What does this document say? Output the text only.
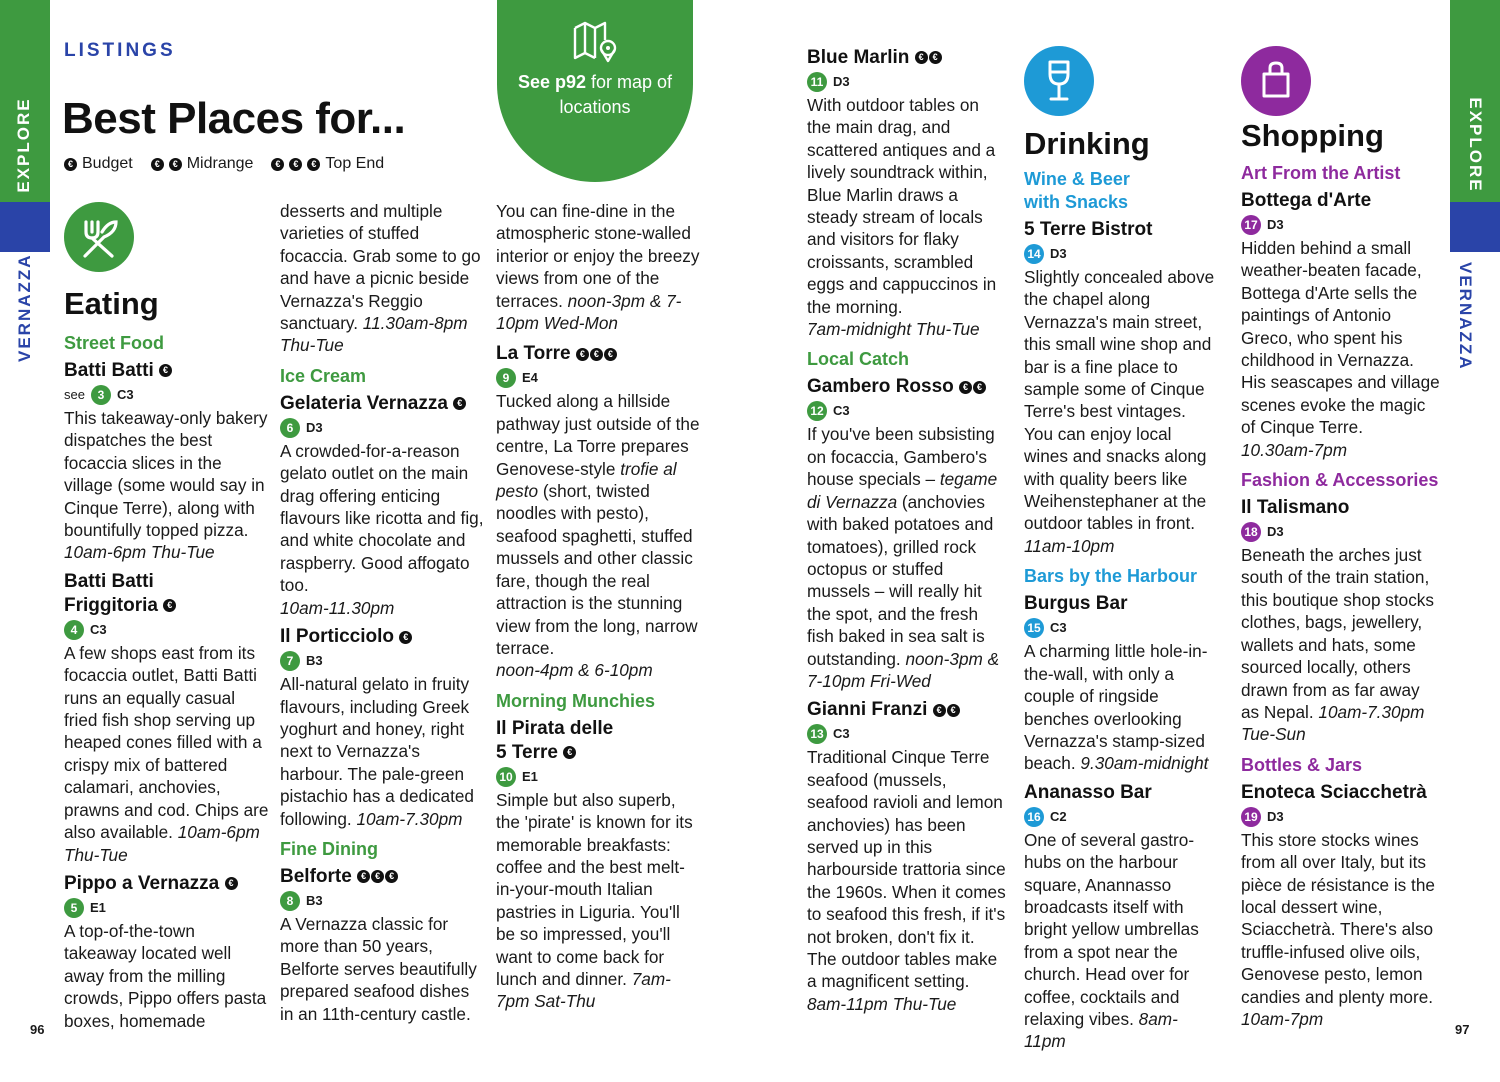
EXPLORE
VERNAZZA
EXPLORE
VERNAZZA
LISTINGS
Best Places for...
€ Budget	€	€ Midrange	€	€	€ Top End
See p92 for map of locations
Eating
Street Food
Batti Batti €
see	3 C3

This takeaway-only bakery dispatches the best focaccia slices in the village (some would say in Cinque Terre), along with bountifully topped pizza.

10am-6pm Thu-Tue

Batti Batti
Friggitoria €
4 C3

A few shops east from its focaccia outlet, Batti Batti runs an equally casual fried fish shop serving up heaped cones filled with a crispy mix of battered calamari, anchovies, prawns and cod. Chips are also available. 10am-6pm Thu-Tue

Pippo a Vernazza €
5 E1

A top-of-the-town takeaway located well away from the milling crowds, Pippo offers pasta boxes, homemade

desserts and multiple varieties of stuffed focaccia. Grab some to go and have a picnic beside Vernazza's Reggio sanctuary. 11.30am-8pm Thu-Tue

Ice Cream
Gelateria Vernazza €
6 D3

A crowded-for-a-reason gelato outlet on the main drag offering enticing flavours like ricotta and fig, and white chocolate and raspberry. Good affogato too.

10am-11.30pm

Il Porticciolo €
7 B3

All-natural gelato in fruity flavours, including Greek yoghurt and honey, right next to Vernazza's harbour. The pale-green pistachio has a dedicated following. 10am-7.30pm

Fine Dining
Belforte € € €
8 B3

A Vernazza classic for more than 50 years, Belforte serves beautifully prepared seafood dishes in an 11th-century castle.

You can fine-dine in the atmospheric stone-walled interior or enjoy the breezy views from one of the terraces. noon-3pm & 7-10pm Wed-Mon

La Torre € € €
9 E4

Tucked along a hillside pathway just outside of the centre, La Torre prepares Genovese-style trofie al pesto (short, twisted noodles with pesto), seafood spaghetti, stuffed mussels and other classic fare, though the real attraction is the stunning view from the long, narrow terrace.

noon-4pm & 6-10pm

Morning Munchies
Il Pirata delle
5 Terre €
10 E1

Simple but also superb, the 'pirate' is known for its memorable breakfasts: coffee and the best melt-in-your-mouth Italian pastries in Liguria. You'll be so impressed, you'll want to come back for lunch and dinner. 7am-7pm Sat-Thu

Blue Marlin € €
11 D3

With outdoor tables on the main drag, and scattered antiques and a lively soundtrack within, Blue Marlin draws a steady stream of locals and visitors for flaky croissants, scrambled eggs and cappuccinos in the morning.

7am-midnight Thu-Tue

Local Catch
Gambero Rosso € €
12 C3

If you've been subsisting on focaccia, Gambero's house specials – tegame di Vernazza (anchovies with baked potatoes and tomatoes), grilled rock octopus or stuffed mussels – will really hit the spot, and the fresh fish baked in sea salt is outstanding. noon-3pm & 7-10pm Fri-Wed

Gianni Franzi € €
13 C3

Traditional Cinque Terre seafood (mussels, seafood ravioli and lemon anchovies) has been served up in this harbourside trattoria since the 1960s. When it comes to seafood this fresh, if it's not broken, don't fix it. The outdoor tables make a magnificent setting. 8am-11pm Thu-Tue

Drinking
Wine & Beer
with Snacks
5 Terre Bistrot
14 D3

Slightly concealed above the chapel along Vernazza's main street, this small wine shop and bar is a fine place to sample some of Cinque Terre's best vintages. You can enjoy local wines and snacks along with quality beers like Weihenstephaner at the outdoor tables in front.

11am-10pm

Bars by the Harbour
Burgus Bar
15 C3

A charming little hole-in-the-wall, with only a couple of ringside benches overlooking Vernazza's stamp-sized beach. 9.30am-midnight

Ananasso Bar
16 C2

One of several gastro-hubs on the harbour square, Anannasso broadcasts itself with bright yellow umbrellas from a spot near the church. Head over for coffee, cocktails and relaxing vibes. 8am-11pm

Shopping
Art From the Artist
Bottega d'Arte
17 D3

Hidden behind a small weather-beaten facade, Bottega d'Arte sells the paintings of Antonio Greco, who spent his childhood in Vernazza. His seascapes and village scenes evoke the magic of Cinque Terre.

10.30am-7pm

Fashion & Accessories
Il Talismano
18 D3

Beneath the arches just south of the train station, this boutique shop stocks clothes, bags, jewellery, wallets and hats, some sourced locally, others drawn from as far away as Nepal. 10am-7.30pm Tue-Sun

Bottles & Jars
Enoteca Sciacchetrà
19 D3

This store stocks wines from all over Italy, but its pièce de résistance is the local dessert wine, Sciacchetrà. There's also truffle-infused olive oils, Genovese pesto, lemon candies and plenty more.

10am-7pm

96	97
